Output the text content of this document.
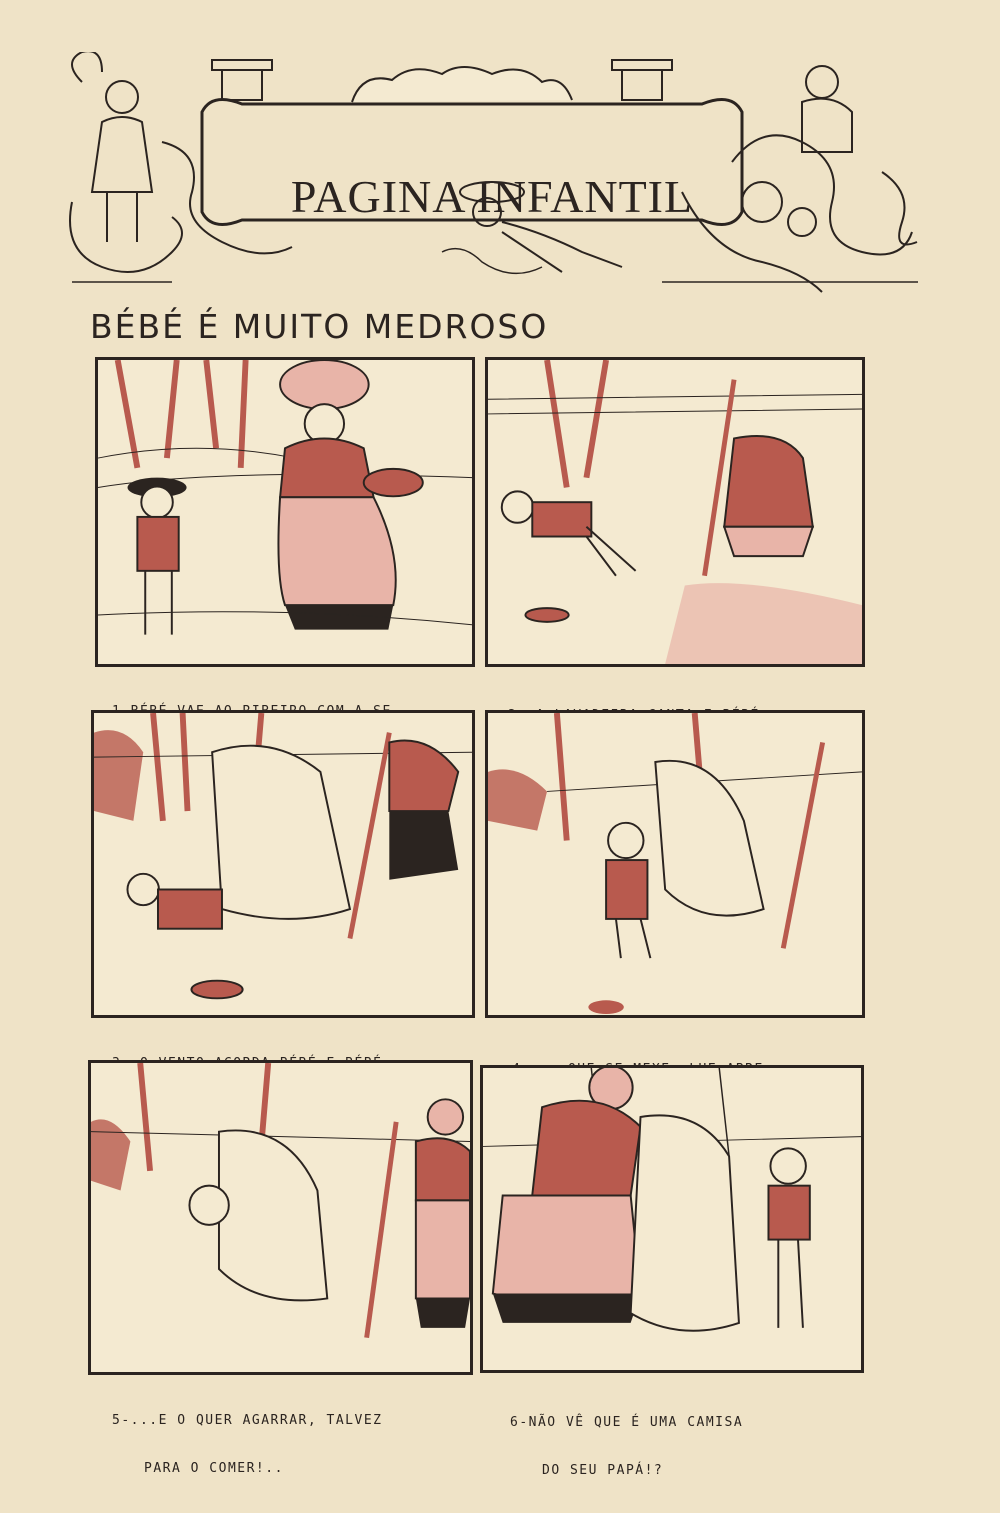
PAGINA INFANTIL
BÉBÉ É MUITO MEDROSO

5-...E O QUER AGARRAR, TALVEZ

PARA O COMER!..

6-NÃO VÊ QUE É UMA CAMISA

DO SEU PAPÁ!?
